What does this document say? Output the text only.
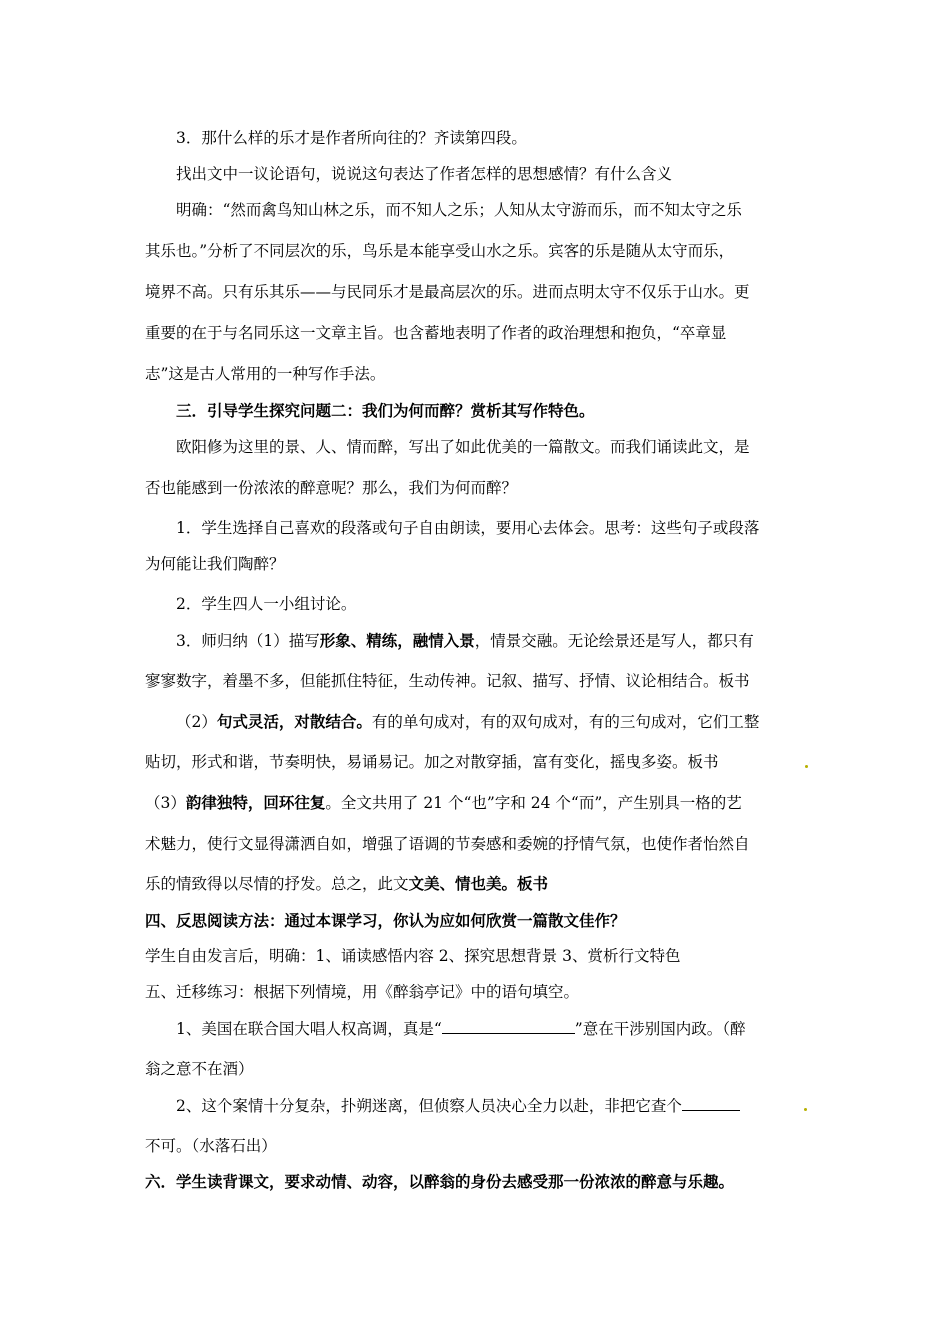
3．那什么样的乐才是作者所向往的？齐读第四段。
找出文中一议论语句，说说这句表达了作者怎样的思想感情？有什么含义
明确：“然而禽鸟知山林之乐，而不知人之乐；人知从太守游而乐，而不知太守之乐
其乐也。”分析了不同层次的乐，鸟乐是本能享受山水之乐。宾客的乐是随从太守而乐，
境界不高。只有乐其乐——与民同乐才是最高层次的乐。进而点明太守不仅乐于山水。更
重要的在于与名同乐这一文章主旨。也含蓄地表明了作者的政治理想和抱负，“卒章显
志”这是古人常用的一种写作手法。
三．引导学生探究问题二：我们为何而醉？赏析其写作特色。
欧阳修为这里的景、人、情而醉，写出了如此优美的一篇散文。而我们诵读此文，是
否也能感到一份浓浓的醉意呢？那么，我们为何而醉？
1．学生选择自己喜欢的段落或句子自由朗读，要用心去体会。思考：这些句子或段落
为何能让我们陶醉？
2．学生四人一小组讨论。
3．师归纳（1）描写形象、精练，融情入景，情景交融。无论绘景还是写人，都只有
寥寥数字，着墨不多，但能抓住特征，生动传神。记叙、描写、抒情、议论相结合。板书
（2）句式灵活，对散结合。有的单句成对，有的双句成对，有的三句成对，它们工整
贴切，形式和谐，节奏明快，易诵易记。加之对散穿插，富有变化，摇曳多姿。板书
（3）韵律独特，回环往复。全文共用了 21 个“也”字和 24 个“而”，产生别具一格的艺
术魅力，使行文显得潇洒自如，增强了语调的节奏感和委婉的抒情气氛，也使作者怡然自
乐的情致得以尽情的抒发。总之，此文文美、情也美。板书
四、反思阅读方法：通过本课学习，你认为应如何欣赏一篇散文佳作？
学生自由发言后，明确：1、诵读感悟内容 2、探究思想背景 3、赏析行文特色
五、迁移练习：根据下列情境，用《醉翁亭记》中的语句填空。
1、美国在联合国大唱人权高调，真是“	”意在干涉别国内政。（醉
翁之意不在酒）
2、这个案情十分复杂，扑朔迷离，但侦察人员决心全力以赴，非把它查个
不可。（水落石出）
六．学生读背课文，要求动情、动容，以醉翁的身份去感受那一份浓浓的醉意与乐趣。
